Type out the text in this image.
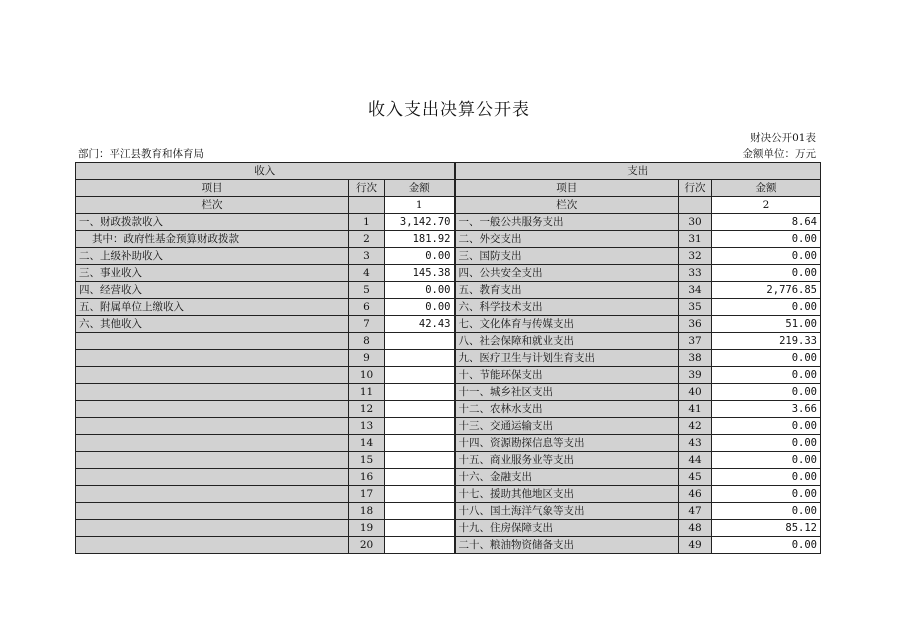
收入支出决算公开表
财决公开01表
部门：平江县教育和体育局	金额单位：万元
收入			支出		
项目	行次	金额	项目	行次	金额
栏次		1	栏次		2
一、财政拨款收入	1	3,142.70	一、一般公共服务支出	30	8.64
其中：政府性基金预算财政拨款	2	181.92	二、外交支出	31	0.00
二、上级补助收入	3	0.00	三、国防支出	32	0.00
三、事业收入	4	145.38	四、公共安全支出	33	0.00
四、经营收入	5	0.00	五、教育支出	34	2,776.85
五、附属单位上缴收入	6	0.00	六、科学技术支出	35	0.00
六、其他收入	7	42.43	七、文化体育与传媒支出	36	51.00
	8		八、社会保障和就业支出	37	219.33
	9		九、医疗卫生与计划生育支出	38	0.00
	10		十、节能环保支出	39	0.00
	11		十一、城乡社区支出	40	0.00
	12		十二、农林水支出	41	3.66
	13		十三、交通运输支出	42	0.00
	14		十四、资源勘探信息等支出	43	0.00
	15		十五、商业服务业等支出	44	0.00
	16		十六、金融支出	45	0.00
	17		十七、援助其他地区支出	46	0.00
	18		十八、国土海洋气象等支出	47	0.00
	19		十九、住房保障支出	48	85.12
	20		二十、粮油物资储备支出	49	0.00
